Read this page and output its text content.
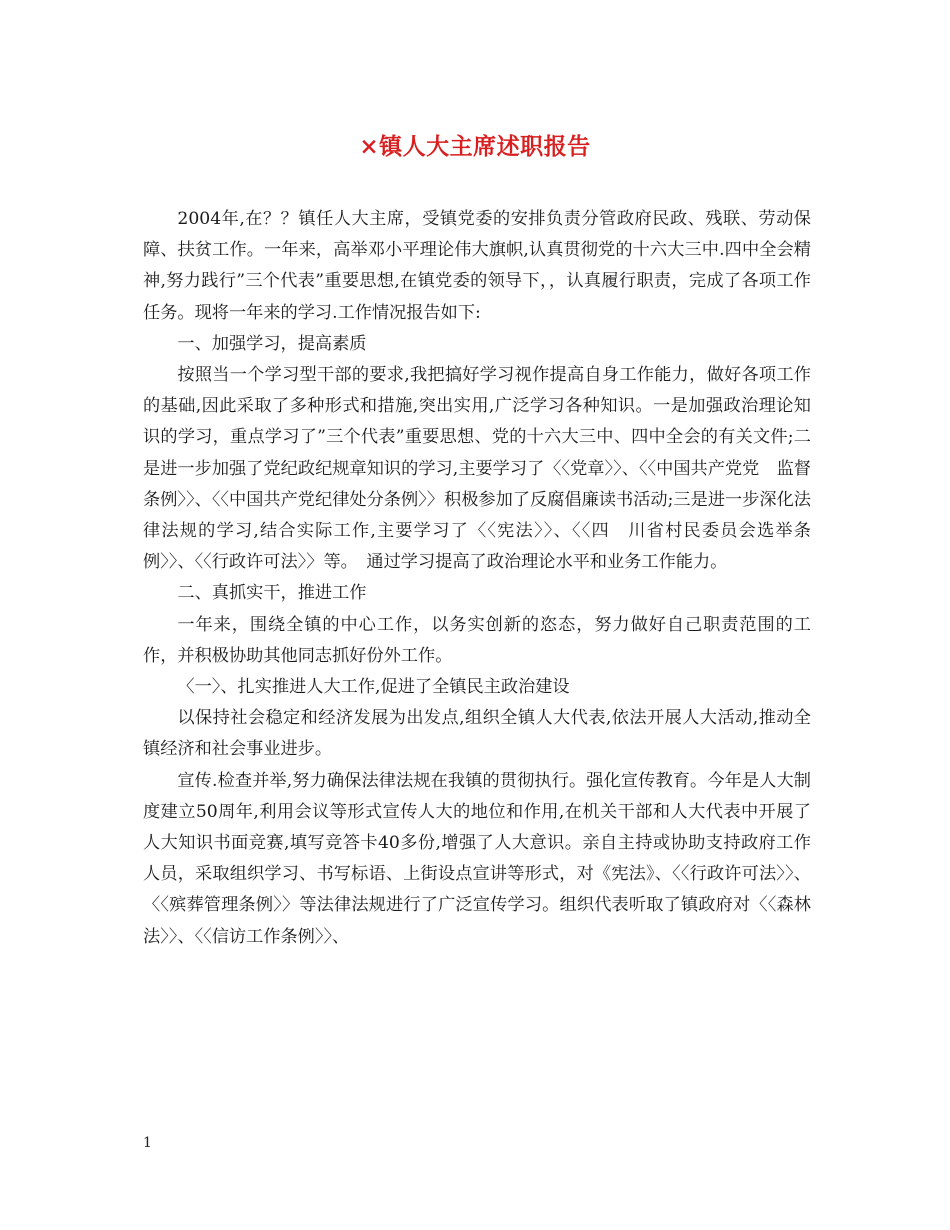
×镇人大主席述职报告

2004年,在？？镇任人大主席，受镇党委的安排负责分管政府民政、残联、劳动保障、扶贫工作。一年来，高举邓小平理论伟大旗帜,认真贯彻党的十六大三中.四中全会精神,努力践行”三个代表”重要思想,在镇党委的领导下，，认真履行职责，完成了各项工作任务。现将一年来的学习.工作情况报告如下:

一、加强学习，提高素质

按照当一个学习型干部的要求,我把搞好学习视作提高自身工作能力，做好各项工作的基础,因此采取了多种形式和措施,突出实用,广泛学习各种知识。一是加强政治理论知识的学习，重点学习了”三个代表”重要思想、党的十六大三中、四中全会的有关文件;二是进一步加强了党纪政纪规章知识的学习,主要学习了〈〈党章〉〉、〈〈中国共产党党　监督条例〉〉、〈〈中国共产党纪律处分条例〉〉积极参加了反腐倡廉读书活动;三是进一步深化法律法规的学习,结合实际工作,主要学习了〈〈宪法〉〉、〈〈四　川省村民委员会选举条例〉〉、〈〈行政许可法〉〉等。　通过学习提高了政治理论水平和业务工作能力。

二、真抓实干，推进工作

一年来，围绕全镇的中心工作，以务实创新的恣态，努力做好自己职责范围的工作，并积极协助其他同志抓好份外工作。

〈一〉、扎实推进人大工作,促进了全镇民主政治建设

以保持社会稳定和经济发展为出发点,组织全镇人大代表,依法开展人大活动,推动全镇经济和社会事业进步。

宣传.检查并举,努力确保法律法规在我镇的贯彻执行。强化宣传教育。今年是人大制度建立50周年,利用会议等形式宣传人大的地位和作用,在机关干部和人大代表中开展了人大知识书面竞赛,填写竞答卡40多份,增强了人大意识。亲自主持或协助支持政府工作人员，采取组织学习、书写标语、上街设点宣讲等形式，对《宪法》、〈〈行政许可法〉〉、〈〈殡葬管理条例〉〉等法律法规进行了广泛宣传学习。组织代表听取了镇政府对〈〈森林法〉〉、〈〈信访工作条例〉〉、

1
